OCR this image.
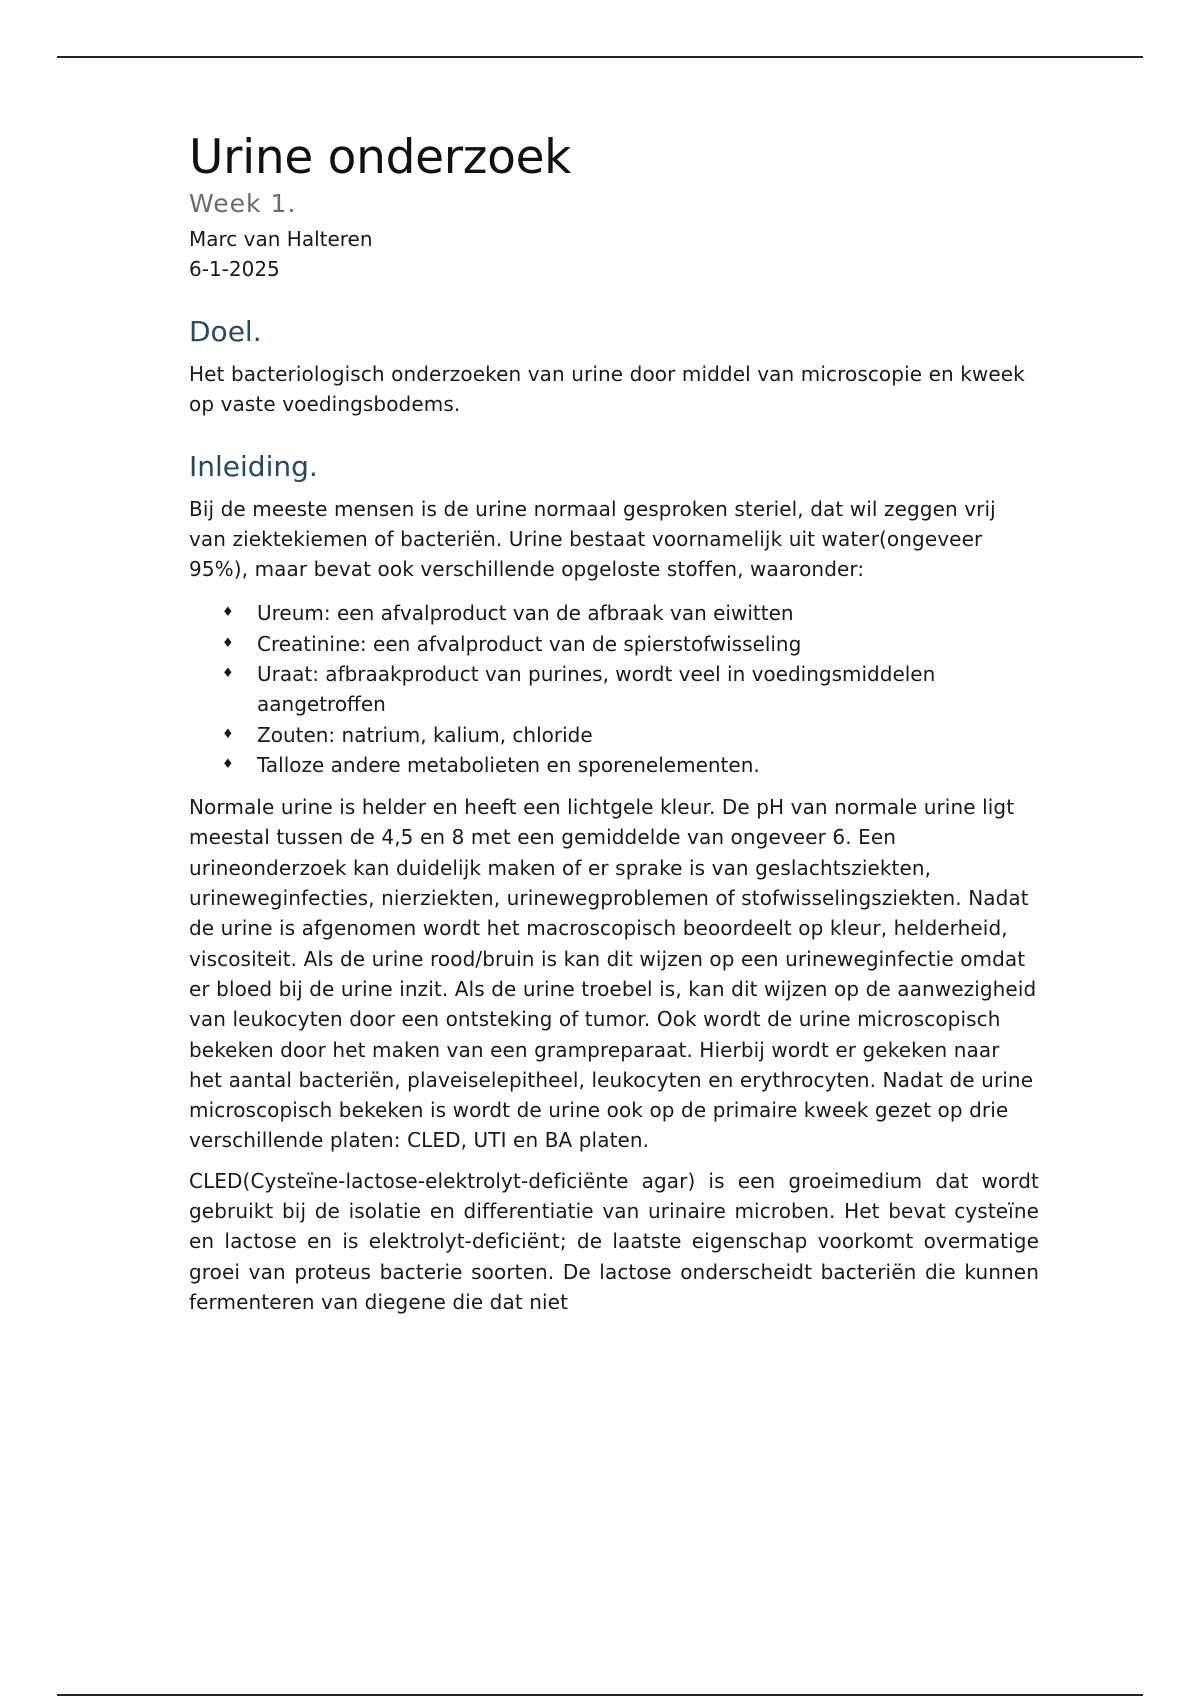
Urine onderzoek
Week 1.
Marc van Halteren
6-1-2025
Doel.

Het bacteriologisch onderzoeken van urine door middel van microscopie en kweek op vaste voedingsbodems.

Inleiding.

Bij de meeste mensen is de urine normaal gesproken steriel, dat wil zeggen vrij van ziektekiemen of bacteriën. Urine bestaat voornamelijk uit water(ongeveer 95%), maar bevat ook verschillende opgeloste stoffen, waaronder:

♦ Ureum: een afvalproduct van de afbraak van eiwitten
♦ Creatinine: een afvalproduct van de spierstofwisseling
♦ Uraat: afbraakproduct van purines, wordt veel in voedingsmiddelen aangetroffen
♦ Zouten: natrium, kalium, chloride
♦ Talloze andere metabolieten en sporenelementen.

Normale urine is helder en heeft een lichtgele kleur. De pH van normale urine ligt meestal tussen de 4,5 en 8 met een gemiddelde van ongeveer 6. Een urineonderzoek kan duidelijk maken of er sprake is van geslachtsziekten, urineweginfecties, nierziekten, urinewegproblemen of stofwisselingsziekten. Nadat de urine is afgenomen wordt het macroscopisch beoordeelt op kleur, helderheid, viscositeit. Als de urine rood/bruin is kan dit wijzen op een urineweginfectie omdat er bloed bij de urine inzit. Als de urine troebel is, kan dit wijzen op de aanwezigheid van leukocyten door een ontsteking of tumor. Ook wordt de urine microscopisch bekeken door het maken van een grampreparaat. Hierbij wordt er gekeken naar het aantal bacteriën, plaveiselepitheel, leukocyten en erythrocyten. Nadat de urine microscopisch bekeken is wordt de urine ook op de primaire kweek gezet op drie verschillende platen: CLED, UTI en BA platen.

CLED(Cysteïne-lactose-elektrolyt-deficiënte agar) is een groeimedium dat wordt gebruikt bij de isolatie en differentiatie van urinaire microben. Het bevat cysteïne en lactose en is elektrolyt-deficiënt; de laatste eigenschap voorkomt overmatige groei van proteus bacterie soorten. De lactose onderscheidt bacteriën die kunnen fermenteren van diegene die dat niet
